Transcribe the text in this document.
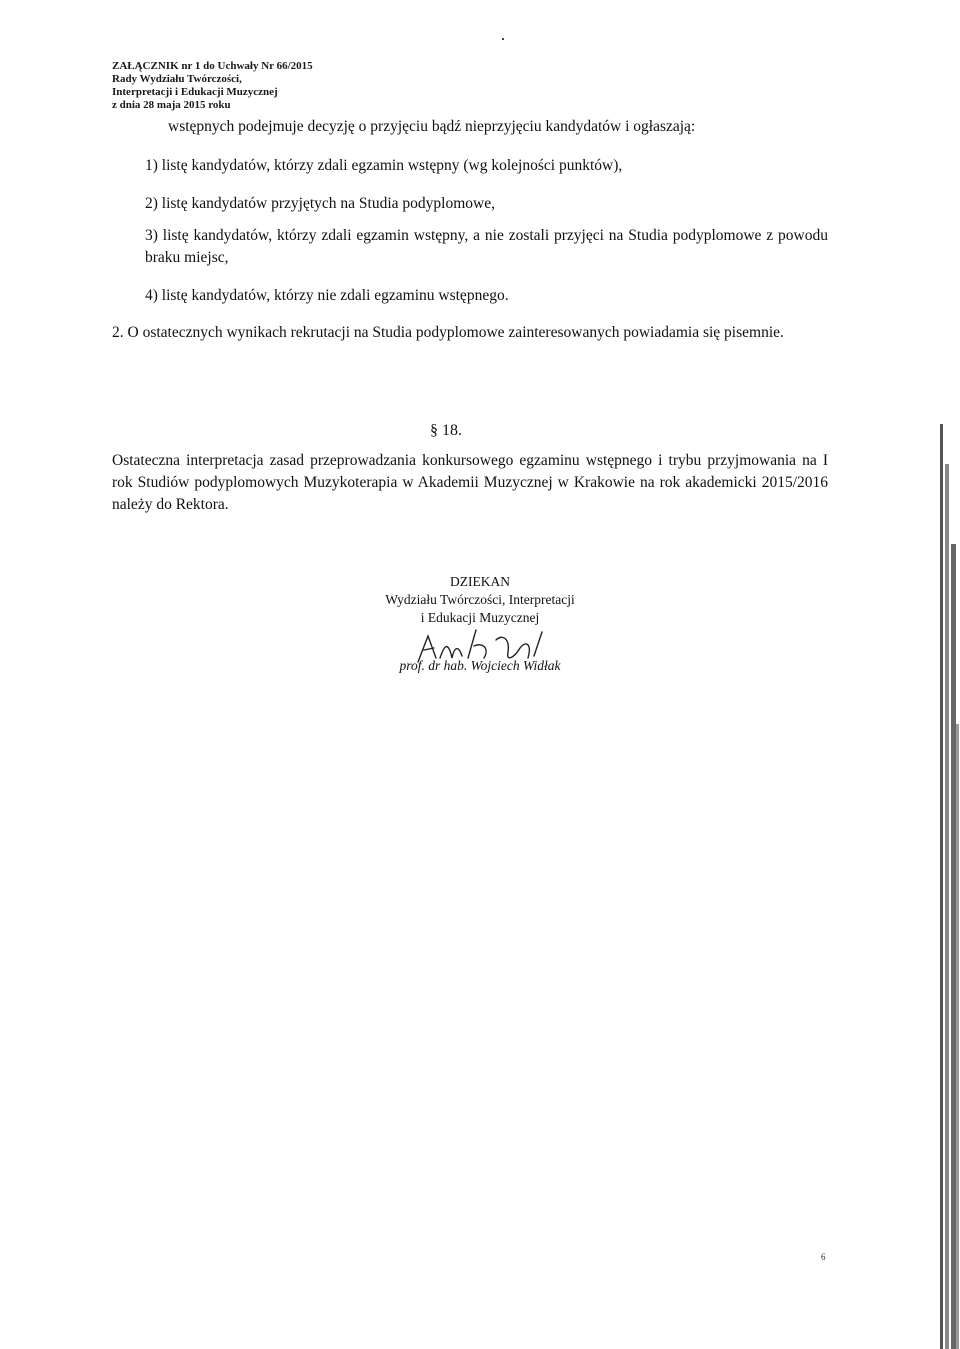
ZAŁĄCZNIK nr 1 do Uchwały Nr 66/2015
Rady Wydziału Twórczości,
Interpretacji i Edukacji Muzycznej
z dnia 28 maja 2015 roku
wstępnych podejmuje decyzję o przyjęciu bądź nieprzyjęciu kandydatów i ogłaszają:
1) listę kandydatów, którzy zdali egzamin wstępny (wg kolejności punktów),
2) listę kandydatów przyjętych na Studia podyplomowe,
3) listę kandydatów, którzy zdali egzamin wstępny, a nie zostali przyjęci na Studia podyplomowe z powodu braku miejsc,
4) listę kandydatów, którzy nie zdali egzaminu wstępnego.
2. O ostatecznych wynikach rekrutacji na Studia podyplomowe zainteresowanych powiadamia się pisemnie.
§ 18.
Ostateczna interpretacja zasad przeprowadzania konkursowego egzaminu wstępnego i trybu przyjmowania na I rok Studiów podyplomowych Muzykoterapia w Akademii Muzycznej w Krakowie na rok akademicki 2015/2016 należy do Rektora.
DZIEKAN
Wydziału Twórczości, Interpretacji
i Edukacji Muzycznej
prof. dr hab. Wojciech Widłak
6
